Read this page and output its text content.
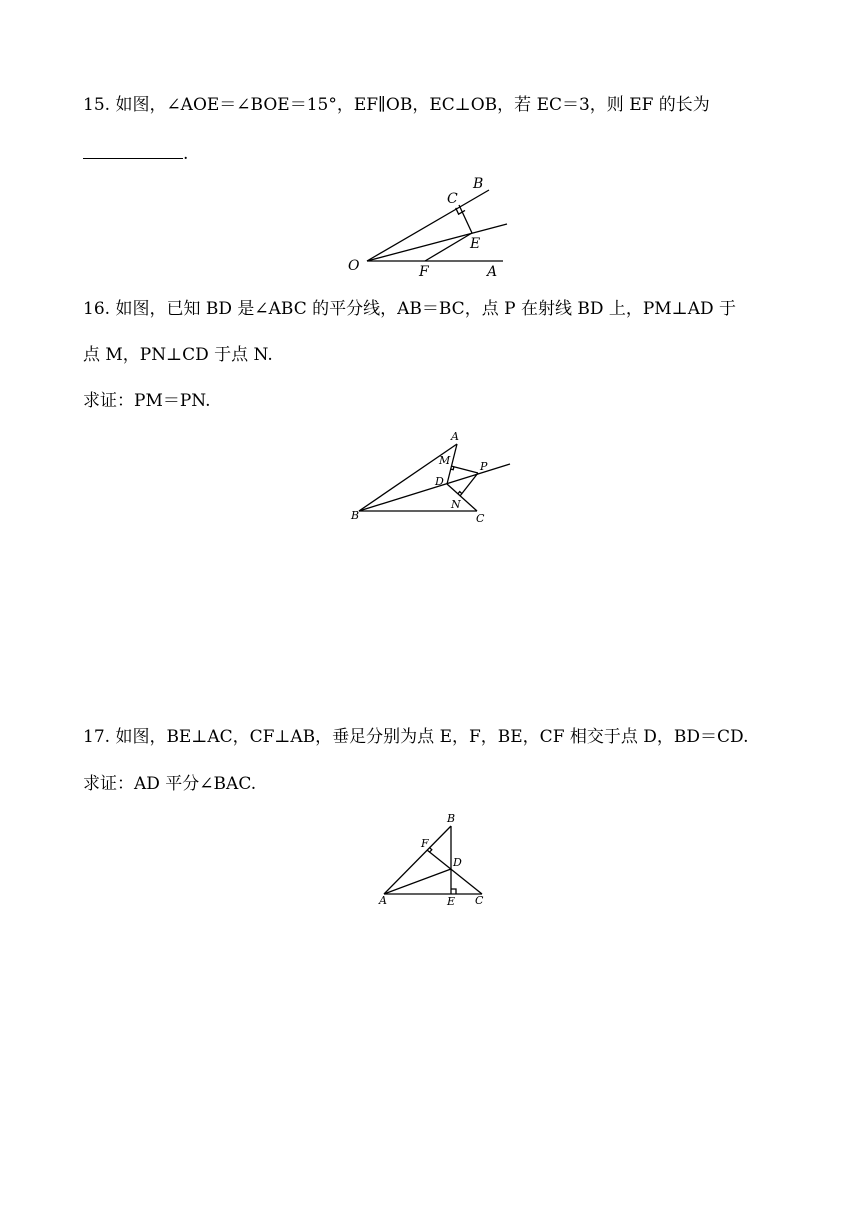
15. 如图，∠AOE＝∠BOE＝15°，EF∥OB，EC⊥OB，若 EC＝3，则 EF 的长为
.
B
C
E
O	F	A
16. 如图，已知 BD 是∠ABC 的平分线，AB＝BC，点 P 在射线 BD 上，PM⊥AD 于
点 M，PN⊥CD 于点 N.
求证：PM＝PN.
A
M	P
D
N
B	C
17. 如图，BE⊥AC，CF⊥AB，垂足分别为点 E，F，BE，CF 相交于点 D，BD＝CD.
求证：AD 平分∠BAC.
B
F
D
A	E C
